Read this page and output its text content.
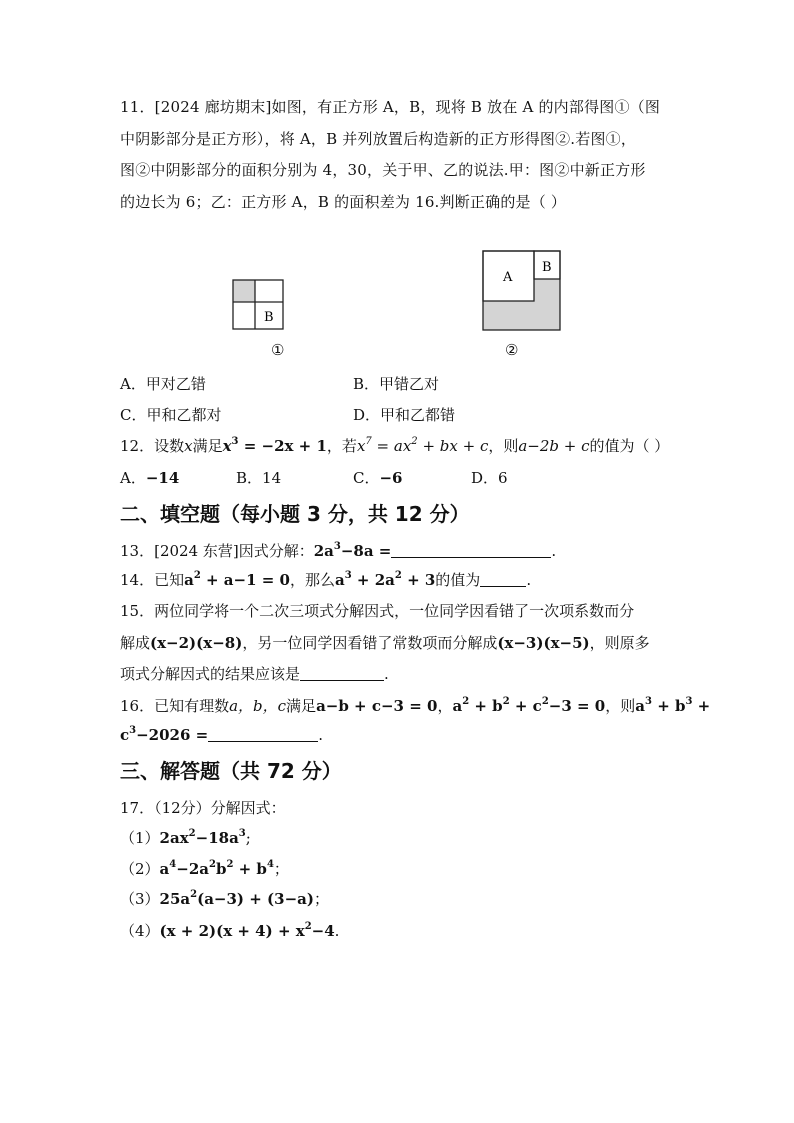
11．[2024 廊坊期末]如图，有正方形 A，B，现将 B 放在 A 的内部得图①（图
中阴影部分是正方形），将 A，B 并列放置后构造新的正方形得图②.若图①，
图②中阴影部分的面积分别为 4，30，关于甲、乙的说法.甲：图②中新正方形
的边长为 6；乙：正方形 A，B 的面积差为 16.判断正确的是（ ）
B
A
B
①	②
A．甲对乙错	B．甲错乙对
C．甲和乙都对	D．甲和乙都错
12．设数x满足$x^3 = -2x + 1$，若$x^7 = ax^2$ + bx + c，则a−2b + c的值为（ ）
A．−14	B．14	C．−6	D．6
二、填空题（每小题 3 分，共 12 分）
13．[2024 东营]因式分解：$2a^3-8a$ =	.
14．已知$a^2 + a-1 = 0$，那么$a^3 + 2a^2 + 3$的值为	.
15．两位同学将一个二次三项式分解因式，一位同学因看错了一次项系数而分
解成(x−2)(x−8)，另一位同学因看错了常数项而分解成(x−3)(x−5)，则原多
项式分解因式的结果应该是	.
16．已知有理数a，b，c满足a−b + c−3 = 0，$a^2 + b^2 + c^2-3 = 0$，则$a^3 + b^3$ +
$c^3-2026$ =	.
三、解答题（共 72 分）
17．（12分）分解因式：
$(1)2ax^2-18a^3$;
$(2)a^4-2a^2b^2 + b^4$；
$(3)25a^2(a-3) + (3-a)$；
$(4)(x + 2)(x + 4) + x^2-4$.
